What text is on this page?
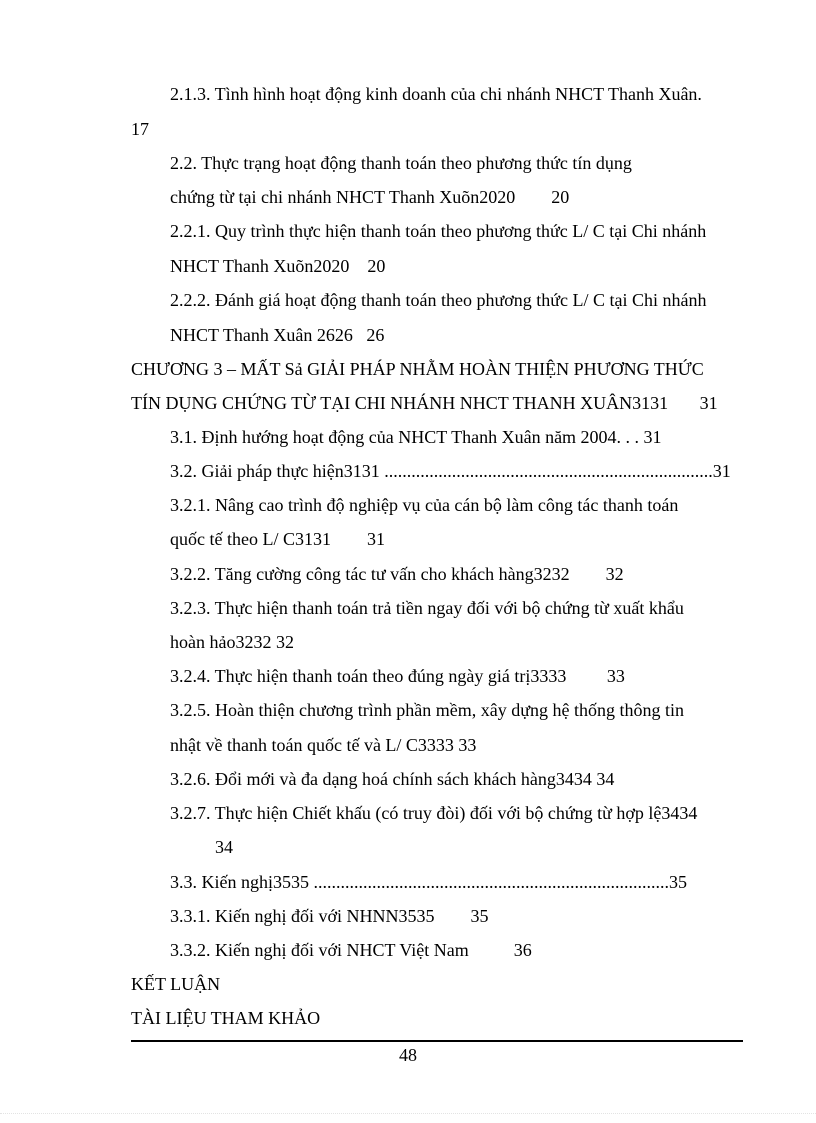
2.1.3. Tình hình hoạt động kinh doanh của chi nhánh NHCT Thanh Xuân.
17
2.2. Thực trạng hoạt động thanh toán theo phương thức tín dụng
chứng từ tại chi nhánh NHCT Thanh Xuõn2020        20
2.2.1. Quy trình thực hiện thanh toán theo phương thức L/ C tại Chi nhánh
NHCT Thanh Xuõn2020    20
2.2.2. Đánh giá hoạt động thanh toán theo phương thức L/ C tại Chi nhánh
NHCT Thanh Xuân 2626   26
CHƯƠNG 3 – MẤT Sả GIẢI PHÁP NHẰM HOÀN THIỆN PHƯƠNG THỨC
TÍN DỤNG CHỨNG TỪ TẠI CHI NHÁNH NHCT THANH XUÂN3131       31
3.1. Định hướng hoạt động của NHCT Thanh Xuân năm 2004. . . 31
3.2. Giải pháp thực hiện3131 .........................................................................31
3.2.1. Nâng cao trình độ nghiệp vụ của cán bộ làm công tác thanh toán
quốc tế theo L/ C3131        31
3.2.2. Tăng cường công tác tư vấn cho khách hàng3232        32
3.2.3. Thực hiện thanh toán trả tiền ngay đối với bộ chứng từ xuất khẩu
hoàn hảo3232 32
3.2.4. Thực hiện thanh toán theo đúng ngày giá trị3333         33
3.2.5. Hoàn thiện chương trình phần mềm, xây dựng hệ thống thông tin
nhật về thanh toán quốc tế và L/ C3333 33
3.2.6. Đổi mới và đa dạng hoá chính sách khách hàng3434 34
3.2.7. Thực hiện Chiết khấu (có truy đòi) đối với bộ chứng từ hợp lệ3434
34
3.3. Kiến nghị3535 ...............................................................................35
3.3.1. Kiến nghị đối với NHNN3535        35
3.3.2. Kiến nghị đối với NHCT Việt Nam          36
KẾT LUẬN
TÀI LIỆU THAM KHẢO
48
